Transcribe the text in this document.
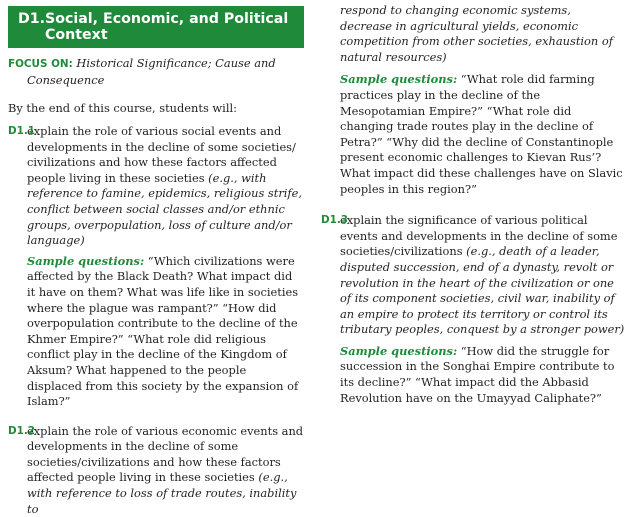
D1.Social, Economic, and Political
Context
FOCUS ON: Historical Significance; Cause and
Consequence
By the end of this course, students will:
D1.1
explain the role of various social events and developments in the decline of some societies/ civilizations and how these factors affected people living in these societies (e.g., with reference to famine, epidemics, religious strife, conflict between social classes and/or ethnic groups, overpopulation, loss of culture and/or language)
Sample questions: “Which civilizations were affected by the Black Death? What impact did it have on them? What was life like in societies where the plague was rampant?” “How did overpopulation contribute to the decline of the Khmer Empire?” “What role did religious conflict play in the decline of the Kingdom of Aksum? What happened to the people displaced from this society by the expansion of Islam?”
D1.2
explain the role of various economic events and developments in the decline of some societies/civilizations and how these factors affected people living in these societies (e.g., with reference to loss of trade routes, inability to
respond to changing economic systems, decrease in agricultural yields, economic competition from other societies, exhaustion of natural resources)
Sample questions: “What role did farming practices play in the decline of the Mesopotamian Empire?” “What role did changing trade routes play in the decline of Petra?” “Why did the decline of Constantinople present economic challenges to Kievan Rus’? What impact did these challenges have on Slavic peoples in this region?”
D1.3
explain the significance of various political events and developments in the decline of some societies/civilizations (e.g., death of a leader, disputed succession, end of a dynasty, revolt or revolution in the heart of the civilization or one of its component societies, civil war, inability of an empire to protect its territory or control its tributary peoples, conquest by a stronger power)
Sample questions: “How did the struggle for succession in the Songhai Empire contribute to its decline?” “What impact did the Abbasid Revolution have on the Umayyad Caliphate?”
